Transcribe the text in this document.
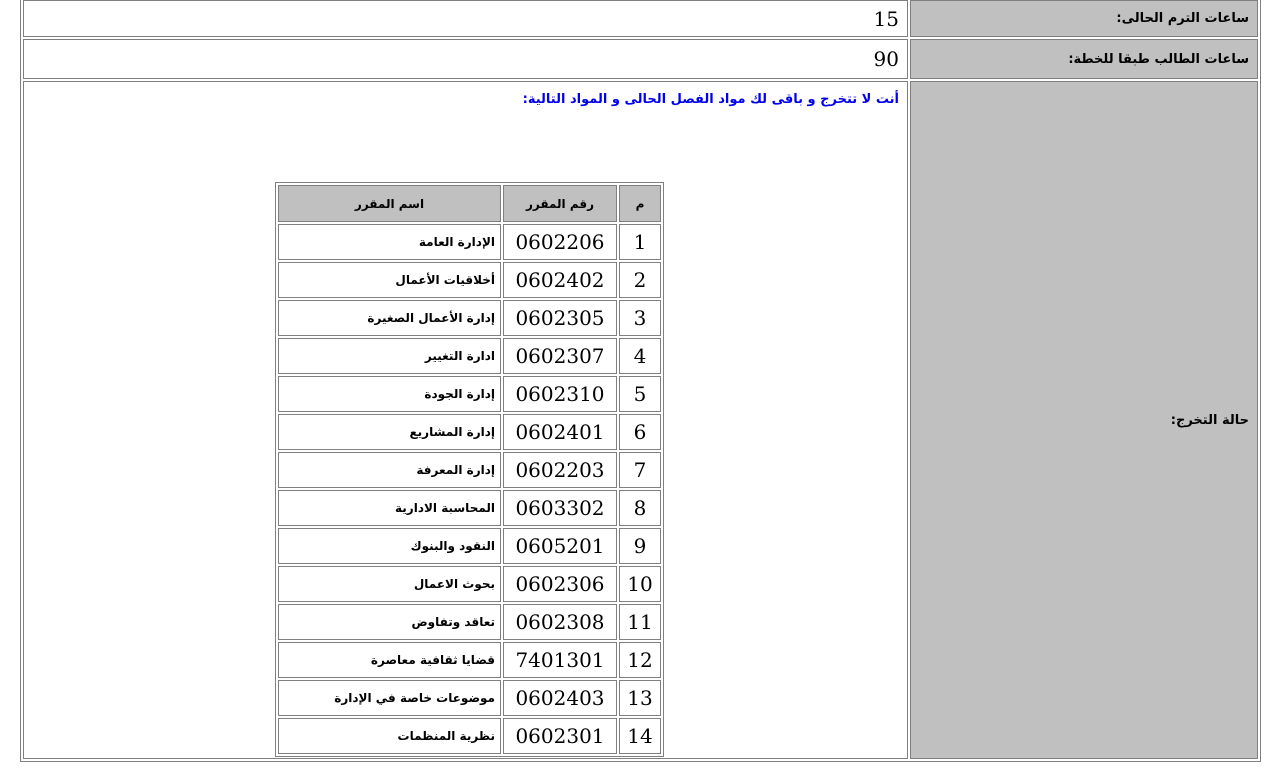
15	ساعات الترم الحالى:
90	ساعات الطالب طبقا للخطة:

أنت لا تتخرج و باقى لك مواد الفصل الحالى و المواد التالية:
م	رقم المقرر	اسم المقرر
1	0602206	الإدارة العامة
2	0602402	أخلاقيات الأعمال
3	0602305	إدارة الأعمال الصغيرة
4	0602307	ادارة التغيير
5	0602310	إدارة الجودة
6	0602401	إدارة المشاريع
7	0602203	إدارة المعرفة
8	0603302	المحاسبة الادارية
9	0605201	النقود والبنوك
10	0602306	بحوث الاعمال
11	0602308	تعاقد وتفاوض
12	7401301	قضايا ثقافية معاصرة
13	0602403	موضوعات خاصة في الإدارة
14	0602301	نظرية المنظمات
	حالة التخرج:
